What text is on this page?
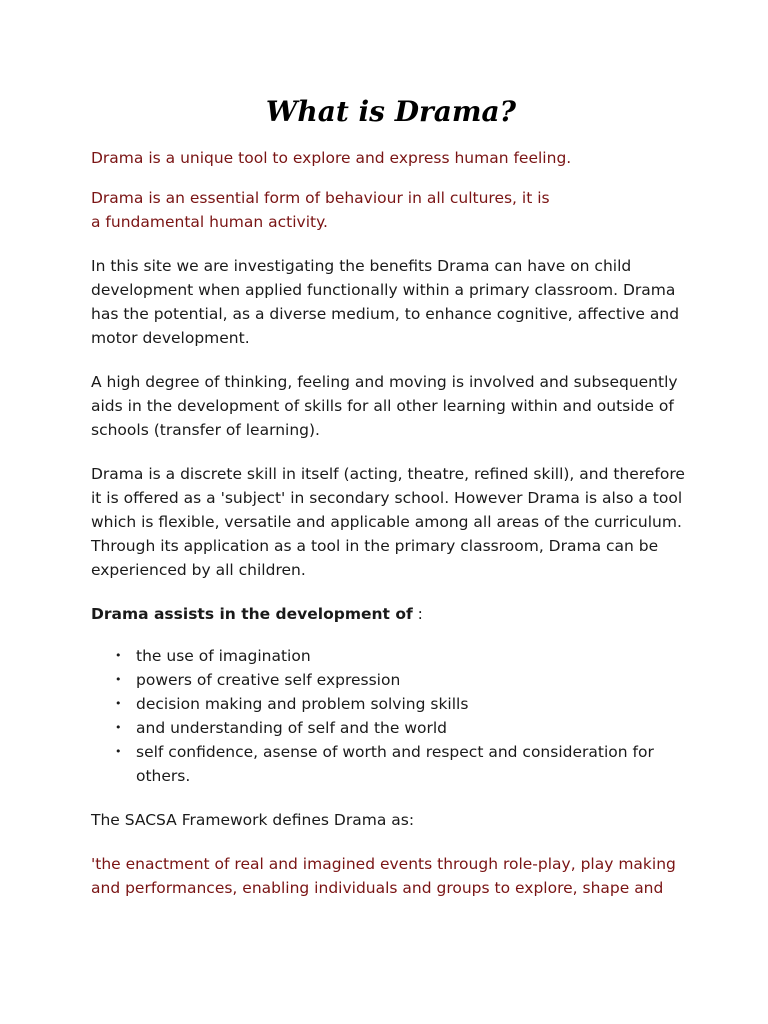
What is Drama?

Drama is a unique tool to explore and express human feeling.

Drama is an essential form of behaviour in all cultures, it is
a fundamental human activity.

In this site we are investigating the benefits Drama can have on child development when applied functionally within a primary classroom. Drama has the potential, as a diverse medium, to enhance cognitive, affective and motor development.

A high degree of thinking, feeling and moving is involved and subsequently aids in the development of skills for all other learning within and outside of schools (transfer of learning).

Drama is a discrete skill in itself (acting, theatre, refined skill), and therefore it is offered as a 'subject' in secondary school. However Drama is also a tool which is flexible, versatile and applicable among all areas of the curriculum. Through its application as a tool in the primary classroom, Drama can be experienced by all children.

Drama assists in the development of :

• the use of imagination
• powers of creative self expression
• decision making and problem solving skills
• and understanding of self and the world
• self confidence, asense of worth and respect and consideration for others.

The SACSA Framework defines Drama as:

'the enactment of real and imagined events through role-play, play making and performances, enabling individuals and groups to explore, shape and
